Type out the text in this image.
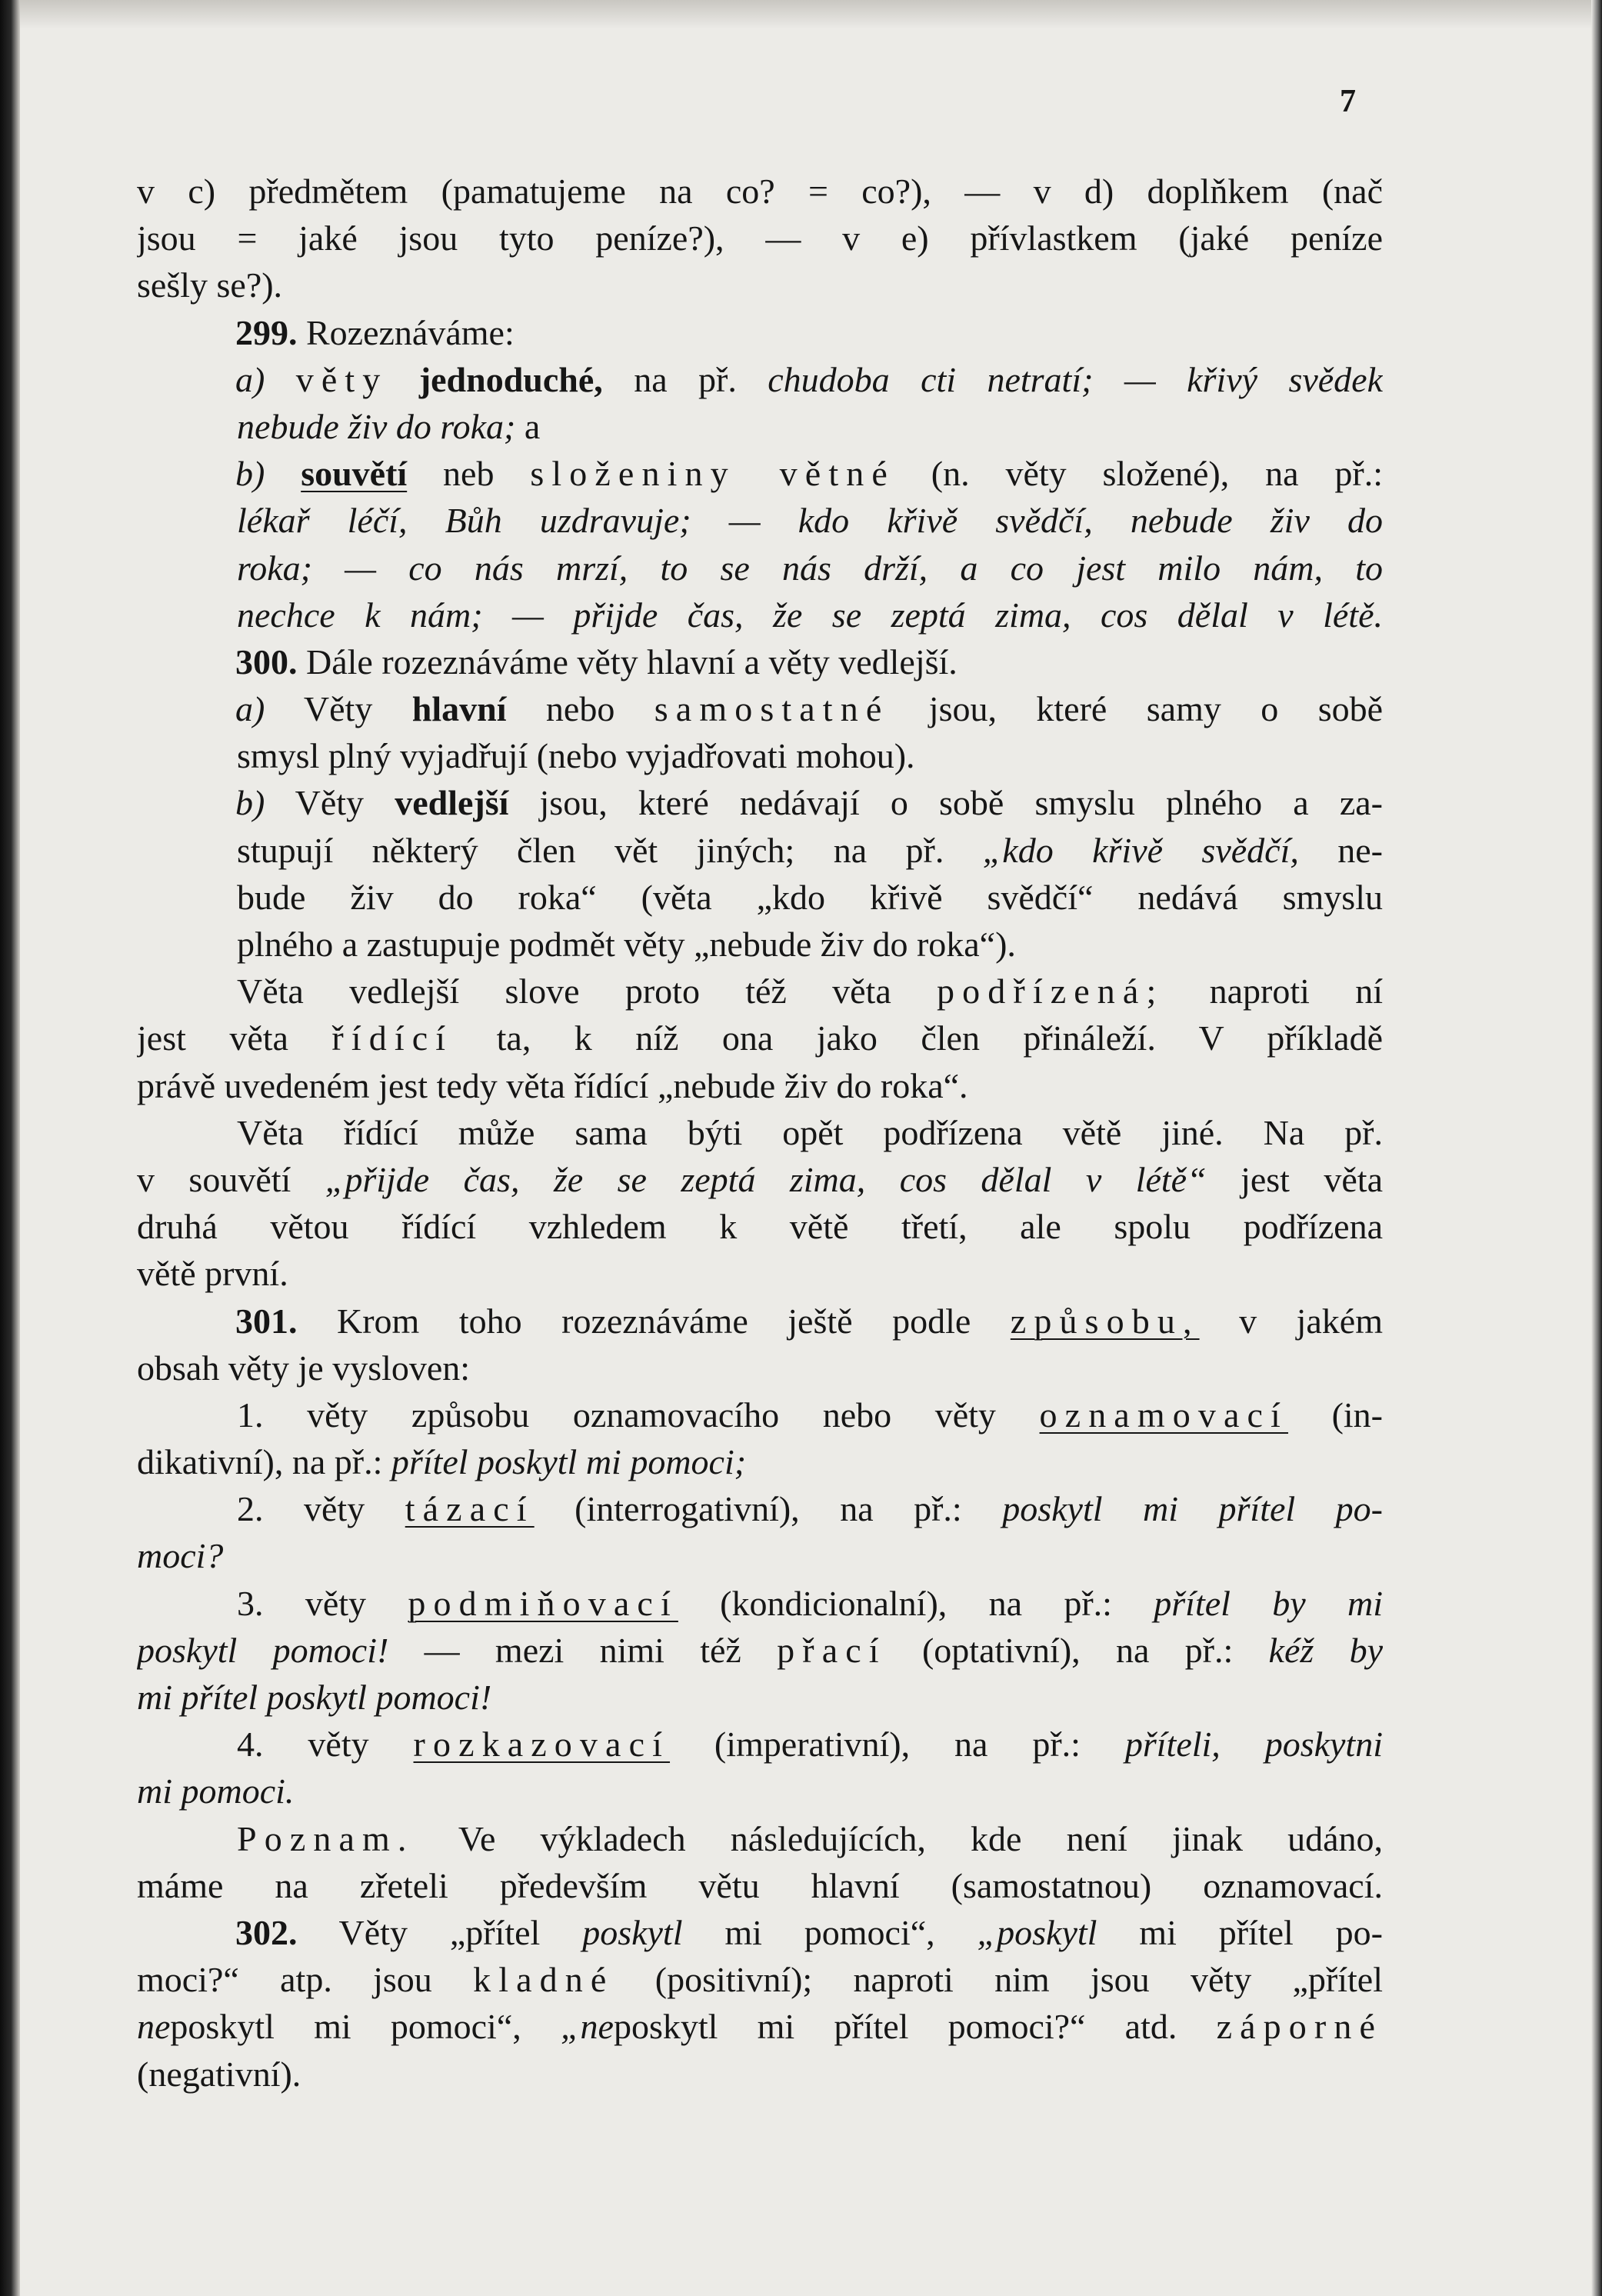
7
v c) předmětem (pamatujeme na co? = co?), — v d) doplňkem (nač
jsou = jaké jsou tyto peníze?), — v e) přívlastkem (jaké peníze
sešly se?).
299. Rozeznáváme:
a) věty jednoduché, na př. chudoba cti netratí; — křivý svědek
nebude živ do roka; a
b) souvětí neb složeniny větné (n. věty složené), na př.:
lékař léčí, Bůh uzdravuje; — kdo křivě svědčí, nebude živ do
roka; — co nás mrzí, to se nás drží, a co jest milo nám, to
nechce k nám; — přijde čas, že se zeptá zima, cos dělal v létě.
300. Dále rozeznáváme věty hlavní a věty vedlejší.
a) Věty hlavní nebo samostatné jsou, které samy o sobě
smysl plný vyjadřují (nebo vyjadřovati mohou).
b) Věty vedlejší jsou, které nedávají o sobě smyslu plného a za-
stupují některý člen vět jiných; na př. „kdo křivě svědčí, ne-
bude živ do roka“ (věta „kdo křivě svědčí“ nedává smyslu
plného a zastupuje podmět věty „nebude živ do roka“).
Věta vedlejší slove proto též věta podřízená; naproti ní
jest věta řídící ta, k níž ona jako člen přináleží. V příkladě
právě uvedeném jest tedy věta řídící „nebude živ do roka“.
Věta řídící může sama býti opět podřízena větě jiné. Na př.
v souvětí „přijde čas, že se zeptá zima, cos dělal v létě“ jest věta
druhá větou řídící vzhledem k větě třetí, ale spolu podřízena
větě první.
301. Krom toho rozeznáváme ještě podle způsobu, v jakém
obsah věty je vysloven:
1. věty způsobu oznamovacího nebo věty oznamovací (in-
dikativní), na př.: přítel poskytl mi pomoci;
2. věty tázací (interrogativní), na př.: poskytl mi přítel po-
moci?
3. věty podmiňovací (kondicionalní), na př.: přítel by mi
poskytl pomoci! — mezi nimi též přací (optativní), na př.: kéž by
mi přítel poskytl pomoci!
4. věty rozkazovací (imperativní), na př.: příteli, poskytni
mi pomoci.
Poznam. Ve výkladech následujících, kde není jinak udáno,
máme na zřeteli především větu hlavní (samostatnou) oznamovací.
302. Věty „přítel poskytl mi pomoci“, „poskytl mi přítel po-
moci?“ atp. jsou kladné (positivní); naproti nim jsou věty „přítel
neposkytl mi pomoci“, „neposkytl mi přítel pomoci?“ atd. záporné
(negativní).
